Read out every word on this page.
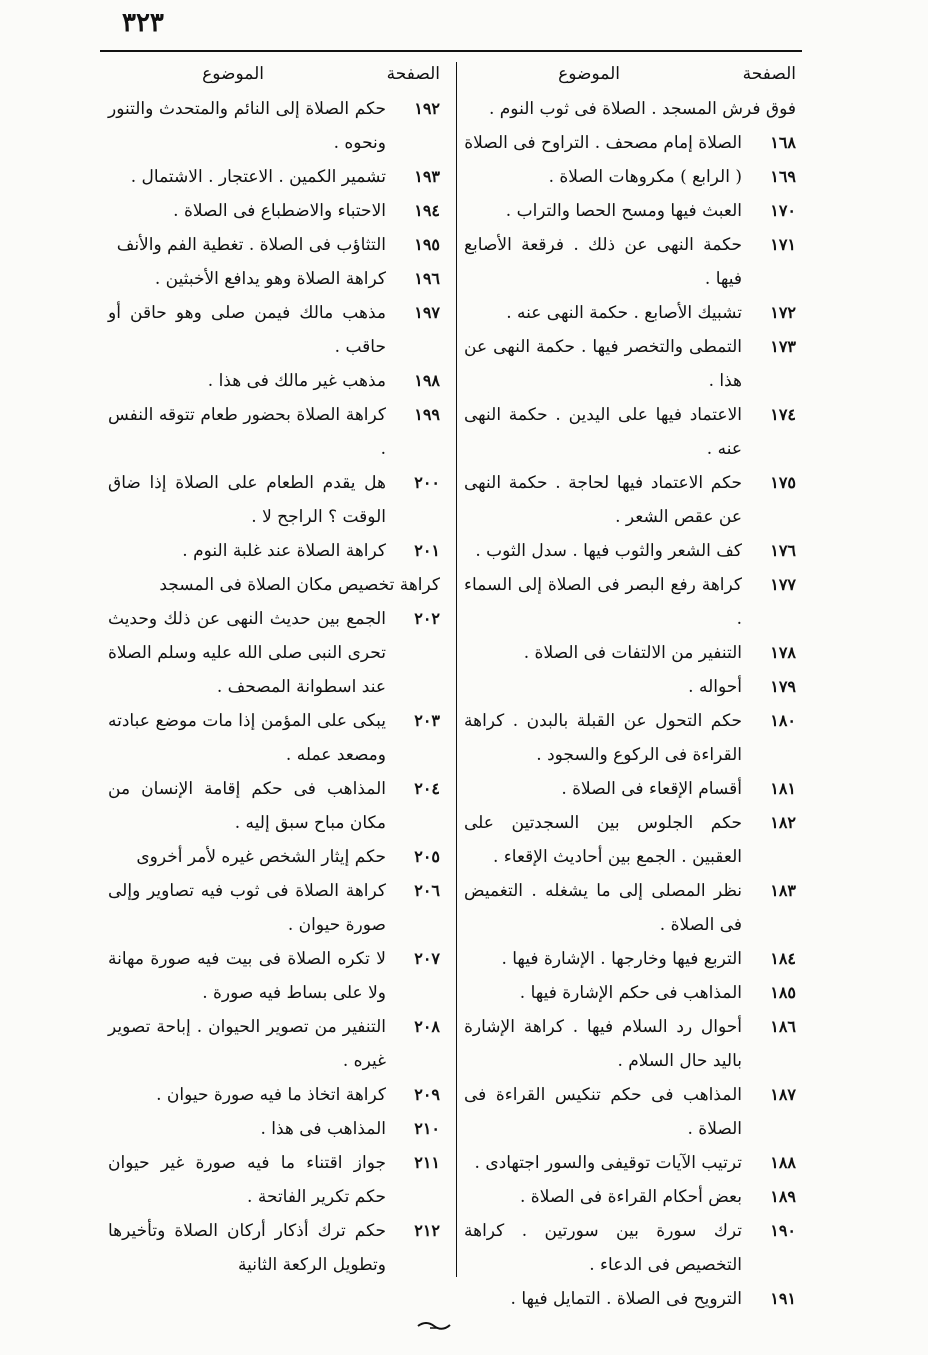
٣٢٣
الصفحة
الموضوع
فوق فرش المسجد . الصلاة فى ثوب النوم .
١٦٨
الصلاة إمام مصحف . التراوح فى الصلاة
١٦٩
( الرابع ) مكروهات الصلاة .
١٧٠
العبث فيها ومسح الحصا والتراب .
١٧١
حكمة النهى عن ذلك . فرقعة الأصابع فيها .
١٧٢
تشبيك الأصابع . حكمة النهى عنه .
١٧٣
التمطى والتخصر فيها . حكمة النهى عن هذا .
١٧٤
الاعتماد فيها على اليدين . حكمة النهى عنه .
١٧٥
حكم الاعتماد فيها لحاجة . حكمة النهى عن عقص الشعر .
١٧٦
كف الشعر والثوب فيها . سدل الثوب .
١٧٧
كراهة رفع البصر فى الصلاة إلى السماء .
١٧٨
التنفير من الالتفات فى الصلاة .
١٧٩
أحواله .
١٨٠
حكم التحول عن القبلة بالبدن . كراهة القراءة فى الركوع والسجود .
١٨١
أقسام الإقعاء فى الصلاة .
١٨٢
حكم الجلوس بين السجدتين على العقبين . الجمع بين أحاديث الإقعاء .
١٨٣
نظر المصلى إلى ما يشغله . التغميض فى الصلاة .
١٨٤
التربع فيها وخارجها . الإشارة فيها .
١٨٥
المذاهب فى حكم الإشارة فيها .
١٨٦
أحوال رد السلام فيها . كراهة الإشارة باليد حال السلام .
١٨٧
المذاهب فى حكم تنكيس القراءة فى الصلاة .
١٨٨
ترتيب الآيات توقيفى والسور اجتهادى .
١٨٩
بعض أحكام القراءة فى الصلاة .
١٩٠
ترك سورة بين سورتين . كراهة التخصيص فى الدعاء .
١٩١
الترويح فى الصلاة . التمايل فيها .
الصفحة
الموضوع
١٩٢
حكم الصلاة إلى النائم والمتحدث والتنور ونحوه .
١٩٣
تشمير الكمين . الاعتجار . الاشتمال .
١٩٤
الاحتباء والاضطباع فى الصلاة .
١٩٥
التثاؤب فى الصلاة . تغطية الفم والأنف
١٩٦
كراهة الصلاة وهو يدافع الأخبثين .
١٩٧
مذهب مالك فيمن صلى وهو حاقن أو حاقب .
١٩٨
مذهب غير مالك فى هذا .
١٩٩
كراهة الصلاة بحضور طعام تتوقه النفس .
٢٠٠
هل يقدم الطعام على الصلاة إذا ضاق الوقت ؟ الراجح لا .
٢٠١
كراهة الصلاة عند غلبة النوم .
كراهة تخصيص مكان الصلاة فى المسجد
٢٠٢
الجمع بين حديث النهى عن ذلك وحديث تحرى النبى صلى الله عليه وسلم الصلاة عند اسطوانة المصحف .
٢٠٣
يبكى على المؤمن إذا مات موضع عبادته ومصعد عمله .
٢٠٤
المذاهب فى حكم إقامة الإنسان من مكان مباح سبق إليه .
٢٠٥
حكم إيثار الشخص غيره لأمر أخروى
٢٠٦
كراهة الصلاة فى ثوب فيه تصاوير وإلى صورة حيوان .
٢٠٧
لا تكره الصلاة فى بيت فيه صورة مهانة ولا على بساط فيه صورة .
٢٠٨
التنفير من تصوير الحيوان . إباحة تصوير غيره .
٢٠٩
كراهة اتخاذ ما فيه صورة حيوان .
٢١٠
المذاهب فى هذا .
٢١١
جواز اقتناء ما فيه صورة غير حيوان حكم تكرير الفاتحة .
٢١٢
حكم ترك أذكار أركان الصلاة وتأخيرها وتطويل الركعة الثانية
